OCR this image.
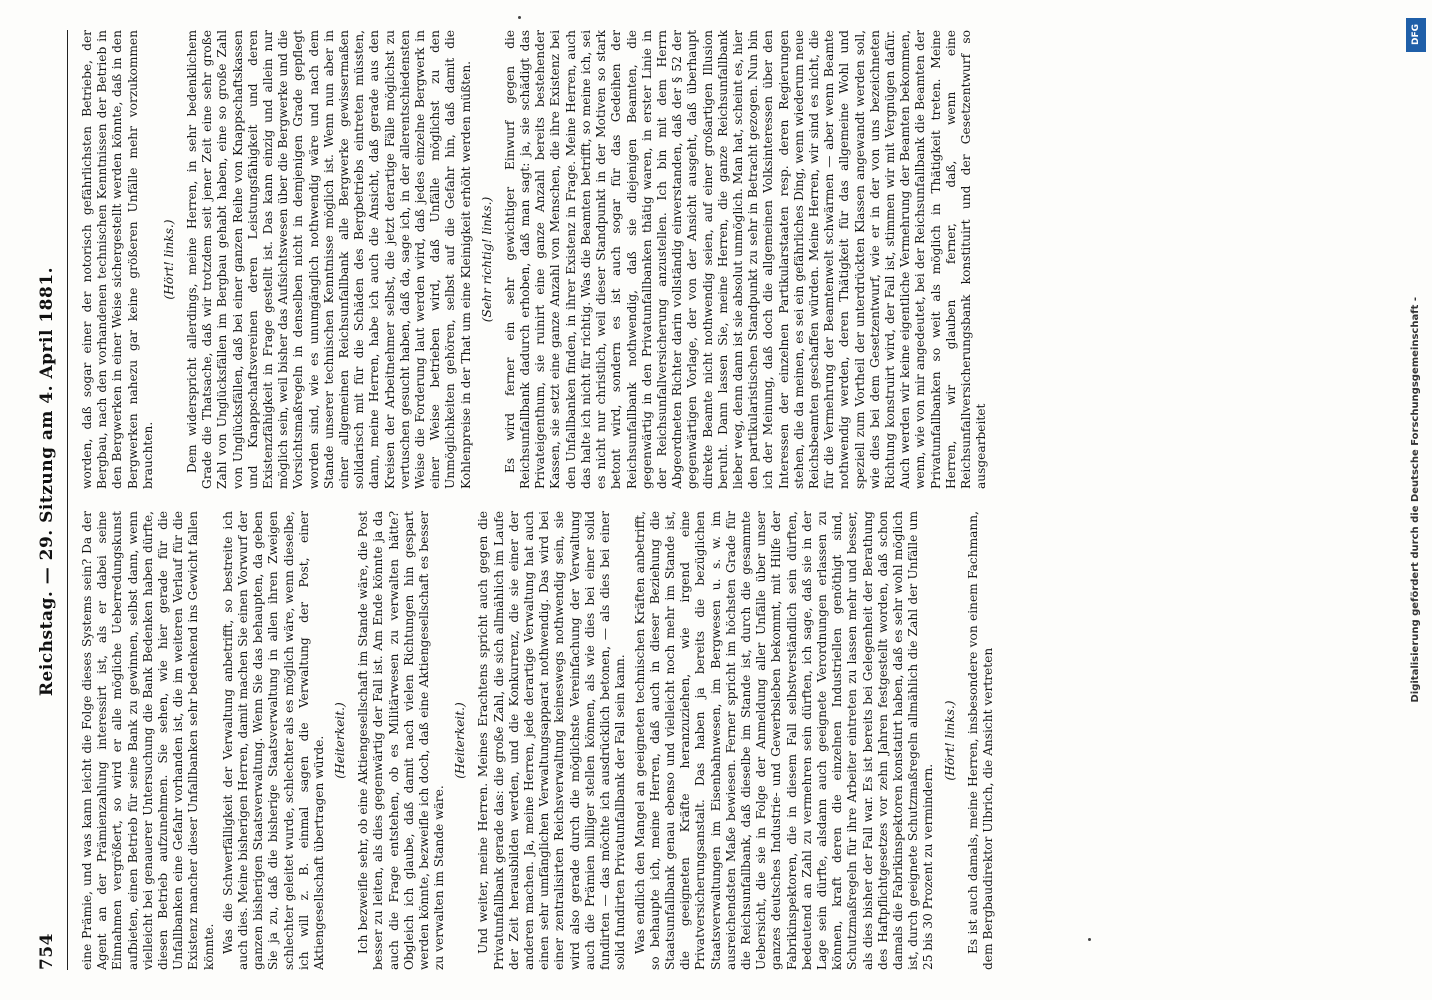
754
Reichstag. — 29. Sitzung am 4. April 1881.

eine Prämie, und was kann leicht die Folge dieses Systems sein? Da der Agent an der Prämienzahlung interessirt ist, als er dabei seine Einnahmen vergrößert, so wird er alle mögliche Ueberredungskunst aufbieten, einen Betrieb für seine Bank zu gewinnen, selbst dann, wenn vielleicht bei genauerer Untersuchung die Bank Bedenken haben dürfte, diesen Betrieb aufzunehmen. Sie sehen, wie hier gerade für die Unfallbanken eine Gefahr vorhanden ist, die im weiteren Verlauf für die Existenz mancher dieser Unfallbanken sehr bedenkend ins Gewicht fallen könnte. Was die Schwerfälligkeit der Verwaltung anbetrifft, so bestreite ich auch dies. Meine bisherigen Herren, damit machen Sie einen Vorwurf der ganzen bisherigen Staatsverwaltung. Wenn Sie das behaupten, da geben Sie ja zu, daß die bisherige Staatsverwaltung in allen ihren Zweigen schlechter geleitet wurde, schlechter als es möglich wäre, wenn dieselbe, ich will z. B. einmal sagen die Verwaltung der Post, einer Aktiengesellschaft übertragen würde. (Heiterkeit.) Ich bezweifle sehr, ob eine Aktiengesellschaft im Stande wäre, die Post besser zu leiten, als dies gegenwärtig der Fall ist. Am Ende könnte ja da auch die Frage entstehen, ob es Militärwesen zu verwalten hätte? Obgleich ich glaube, daß damit nach vielen Richtungen hin gespart werden könnte, bezweifle ich doch, daß eine Aktiengesellschaft es besser zu verwalten im Stande wäre.

(Heiterkeit.) Und weiter, meine Herren. Meines Erachtens spricht auch gegen die Privatunfallbank gerade das: die große Zahl, die sich allmählich im Laufe der Zeit herausbilden werden, und die Konkurrenz, die sie einer der anderen machen. Ja, meine Herren, jede derartige Verwaltung hat auch einen sehr umfänglichen Verwaltungsapparat nothwendig. Das wird bei einer zentralisirten Reichsverwaltung keineswegs nothwendig sein, sie wird also gerade durch die möglichste Vereinfachung der Verwaltung auch die Prämien billiger stellen können, als wie dies bei einer solid fundirten — das möchte ich ausdrücklich betonen, — als dies bei einer solid fundirten Privatunfallbank der Fall sein kann. Was endlich den Mangel an geeigneten technischen Kräften anbetrifft, so behaupte ich, meine Herren, daß auch in dieser Beziehung die Staatsunfallbank genau ebenso und vielleicht noch mehr im Stande ist, die geeigneten Kräfte heranzuziehen, wie irgend eine Privatversicherungsanstalt. Das haben ja bereits die bezüglichen Staatsverwaltungen im Eisenbahnwesen, im Bergwesen u. s. w. im ausreichendsten Maße bewiesen. Ferner spricht im höchsten Grade für die Reichsunfallbank, daß dieselbe im Stande ist, durch die gesammte Uebersicht, die sie in Folge der Anmeldung aller Unfälle über unser ganzes deutsches Industrie- und Gewerbsleben bekommt, mit Hilfe der Fabrikinspektoren, die in diesem Fall selbstverständlich sein dürften, bedeutend an Zahl zu vermehren sein dürften, ich sage, daß sie in der Lage sein dürfte, alsdann auch geeignete Verordnungen erlassen zu können, kraft deren die einzelnen Industriellen genöthigt sind, Schutzmaßregeln für ihre Arbeiter eintreten zu lassen mehr und besser, als dies bisher der Fall war. Es ist bereits bei Gelegenheit der Berathung des Haftpflichtgesetzes vor zehn Jahren festgestellt worden, daß schon damals die Fabrikinspektoren konstatirt haben, daß es sehr wohl möglich ist, durch geeignete Schutzmaßregeln allmählich die Zahl der Unfälle um 25 bis 30 Prozent zu vermindern.

(Hört! links.) Es ist auch damals, meine Herren, insbesondere von einem Fachmann, dem Bergbaudirektor Ulbrich, die Ansicht vertreten

worden, daß sogar einer der notorisch gefährlichsten Betriebe, der Bergbau, nach den vorhandenen technischen Kenntnissen der Betrieb in den Bergwerken in einer Weise sichergestellt werden könnte, daß in den Bergwerken nahezu gar keine größeren Unfälle mehr vorzukommen brauchten.

(Hört! links.) Dem widerspricht allerdings, meine Herren, in sehr bedenklichem Grade die Thatsache, daß wir trotzdem seit jener Zeit eine sehr große Zahl von Unglücksfällen im Bergbau gehabt haben, eine so große Zahl von Unglücksfällen, daß bei einer ganzen Reihe von Knappschaftskassen und Knappschaftsvereinen deren Leistungsfähigkeit und deren Existenzfähigkeit in Frage gestellt ist. Das kann einzig und allein nur möglich sein, weil bisher das Aufsichtswesen über die Bergwerke und die Vorsichtsmaßregeln in denselben nicht in demjenigen Grade gepflegt worden sind, wie es unumgänglich nothwendig wäre und nach dem Stande unserer technischen Kenntnisse möglich ist. Wenn nun aber in einer allgemeinen Reichsunfallbank alle Bergwerke gewissermaßen solidarisch mit für die Schäden des Bergbetriebs eintreten müssten, dann, meine Herren, habe ich auch die Ansicht, daß gerade aus den Kreisen der Arbeitnehmer selbst, die jetzt derartige Fälle möglichst zu vertuschen gesucht haben, daß da, sage ich, in der allerentschiedensten Weise die Forderung laut werden wird, daß jedes einzelne Bergwerk in einer Weise betrieben wird, daß Unfälle möglichst zu den Unmöglichkeiten gehören, selbst auf die Gefahr hin, daß damit die Kohlenpreise in der That um eine Kleinigkeit erhöht werden müßten. (Sehr richtig! links.) Es wird ferner ein sehr gewichtiger Einwurf gegen die Reichsunfallbank dadurch erhoben, daß man sagt: ja, sie schädigt das Privateigenthum, sie ruinirt eine ganze Anzahl bereits bestehender Kassen, sie setzt eine ganze Anzahl von Menschen, die ihre Existenz bei den Unfallbanken finden, in ihrer Existenz in Frage. Meine Herren, auch das halte ich nicht für richtig. Was die Beamten betrifft, so meine ich, sei es nicht nur christlich, weil dieser Standpunkt in der Motiven so stark betont wird, sondern es ist auch sogar für das Gedeihen der Reichsunfallbank nothwendig, daß sie diejenigen Beamten, die gegenwärtig in den Privatunfallbanken thätig waren, in erster Linie in der Reichsunfallversicherung anzustellen. Ich bin mit dem Herrn Abgeordneten Richter darin vollständig einverstanden, daß der § 52 der gegenwärtigen Vorlage, der von der Ansicht ausgeht, daß überhaupt direkte Beamte nicht nothwendig seien, auf einer großartigen Illusion beruht. Dann lassen Sie, meine Herren, die ganze Reichsunfallbank lieber weg, denn dann ist sie absolut unmöglich. Man hat, scheint es, hier den partikularistischen Standpunkt zu sehr in Betracht gezogen. Nun bin ich der Meinung, daß doch die allgemeinen Volksinteressen über den Interessen der einzelnen Partikularstaaten resp. deren Regierungen stehen, die da meinen, es sei ein gefährliches Ding, wenn wiederum neue Reichsbeamten geschaffen würden. Meine Herren, wir sind es nicht, die für die Vermehrung der Beamtenwelt schwärmen — aber wenn Beamte nothwendig werden, deren Thätigkeit für das allgemeine Wohl und speziell zum Vortheil der unterdrückten Klassen angewandt werden soll, wie dies bei dem Gesetzentwurf, wie er in der von uns bezeichneten Richtung konstruirt wird, der Fall ist, stimmen wir mit Vergnügen dafür. Auch werden wir keine eigentliche Vermehrung der Beamten bekommen, wenn, wie von mir angedeutet, bei der Reichsunfallbank die Beamten der Privatunfallbanken so weit als möglich in Thätigkeit treten. Meine Herren, wir glauben ferner, daß, wenn eine Reichsunfallversicherungsbank konstituirt und der Gesetzentwurf so ausgearbeitet

DFG
Digitalisierung gefördert durch die Deutsche Forschungsgemeinschaft -
